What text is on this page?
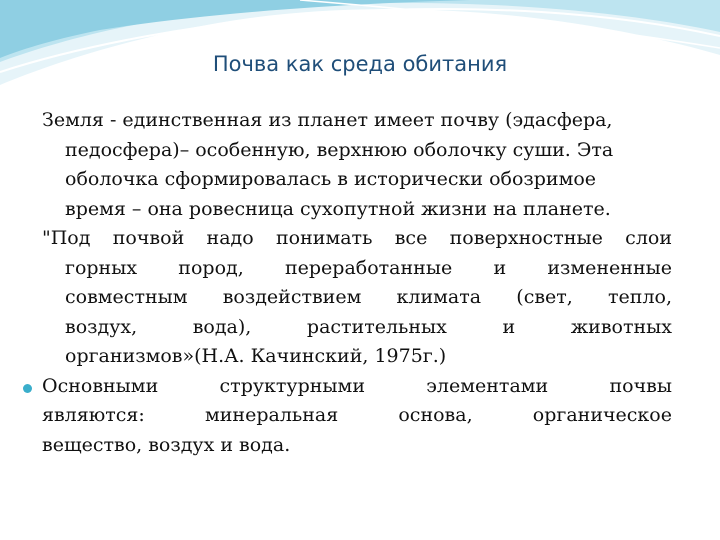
Почва как среда обитания
Земля - единственная из планет имеет почву (эдасфера,
педосфера)– особенную, верхнюю оболочку суши. Эта
оболочка сформировалась в исторически обозримое
время – она ровесница сухопутной жизни на планете.
"Под почвой надо понимать все поверхностные слои
горных пород, переработанные и измененные
совместным воздействием климата (свет, тепло,
воздух, вода), растительных и животных
организмов»(Н.А. Качинский, 1975г.)
Основными структурными элементами почвы
являются: минеральная основа, органическое
вещество, воздух и вода.
